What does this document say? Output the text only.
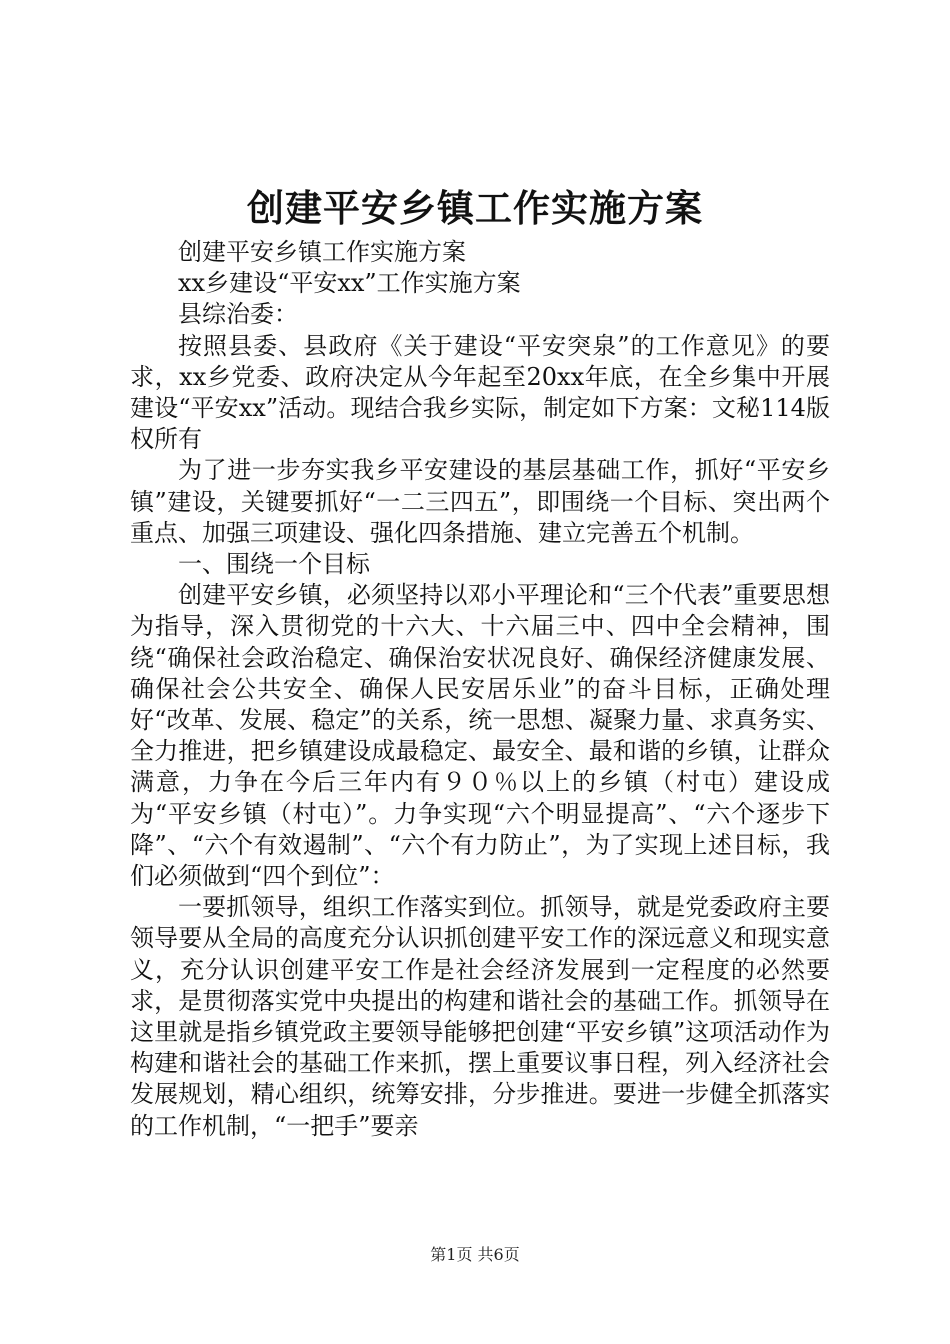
创建平安乡镇工作实施方案

创建平安乡镇工作实施方案

xx乡建设“平安xx”工作实施方案

县综治委：

按照县委、县政府《关于建设“平安突泉”的工作意见》的要求，xx乡党委、政府决定从今年起至20xx年底，在全乡集中开展建设“平安xx”活动。现结合我乡实际，制定如下方案：文秘114版权所有

为了进一步夯实我乡平安建设的基层基础工作，抓好“平安乡镇”建设，关键要抓好“一二三四五”，即围绕一个目标、突出两个重点、加强三项建设、强化四条措施、建立完善五个机制。

一、围绕一个目标

创建平安乡镇，必须坚持以邓小平理论和“三个代表”重要思想为指导，深入贯彻党的十六大、十六届三中、四中全会精神，围绕“确保社会政治稳定、确保治安状况良好、确保经济健康发展、确保社会公共安全、确保人民安居乐业”的奋斗目标，正确处理好“改革、发展、稳定”的关系，统一思想、凝聚力量、求真务实、全力推进，把乡镇建设成最稳定、最安全、最和谐的乡镇，让群众满意，力争在今后三年内有９０％以上的乡镇（村屯）建设成为“平安乡镇（村屯）”。力争实现“六个明显提高”、“六个逐步下降”、“六个有效遏制”、“六个有力防止”，为了实现上述目标，我们必须做到“四个到位”：

一要抓领导，组织工作落实到位。抓领导，就是党委政府主要领导要从全局的高度充分认识抓创建平安工作的深远意义和现实意义，充分认识创建平安工作是社会经济发展到一定程度的必然要求，是贯彻落实党中央提出的构建和谐社会的基础工作。抓领导在这里就是指乡镇党政主要领导能够把创建“平安乡镇”这项活动作为构建和谐社会的基础工作来抓，摆上重要议事日程，列入经济社会发展规划，精心组织，统筹安排，分步推进。要进一步健全抓落实的工作机制，“一把手”要亲

第1页 共6页
